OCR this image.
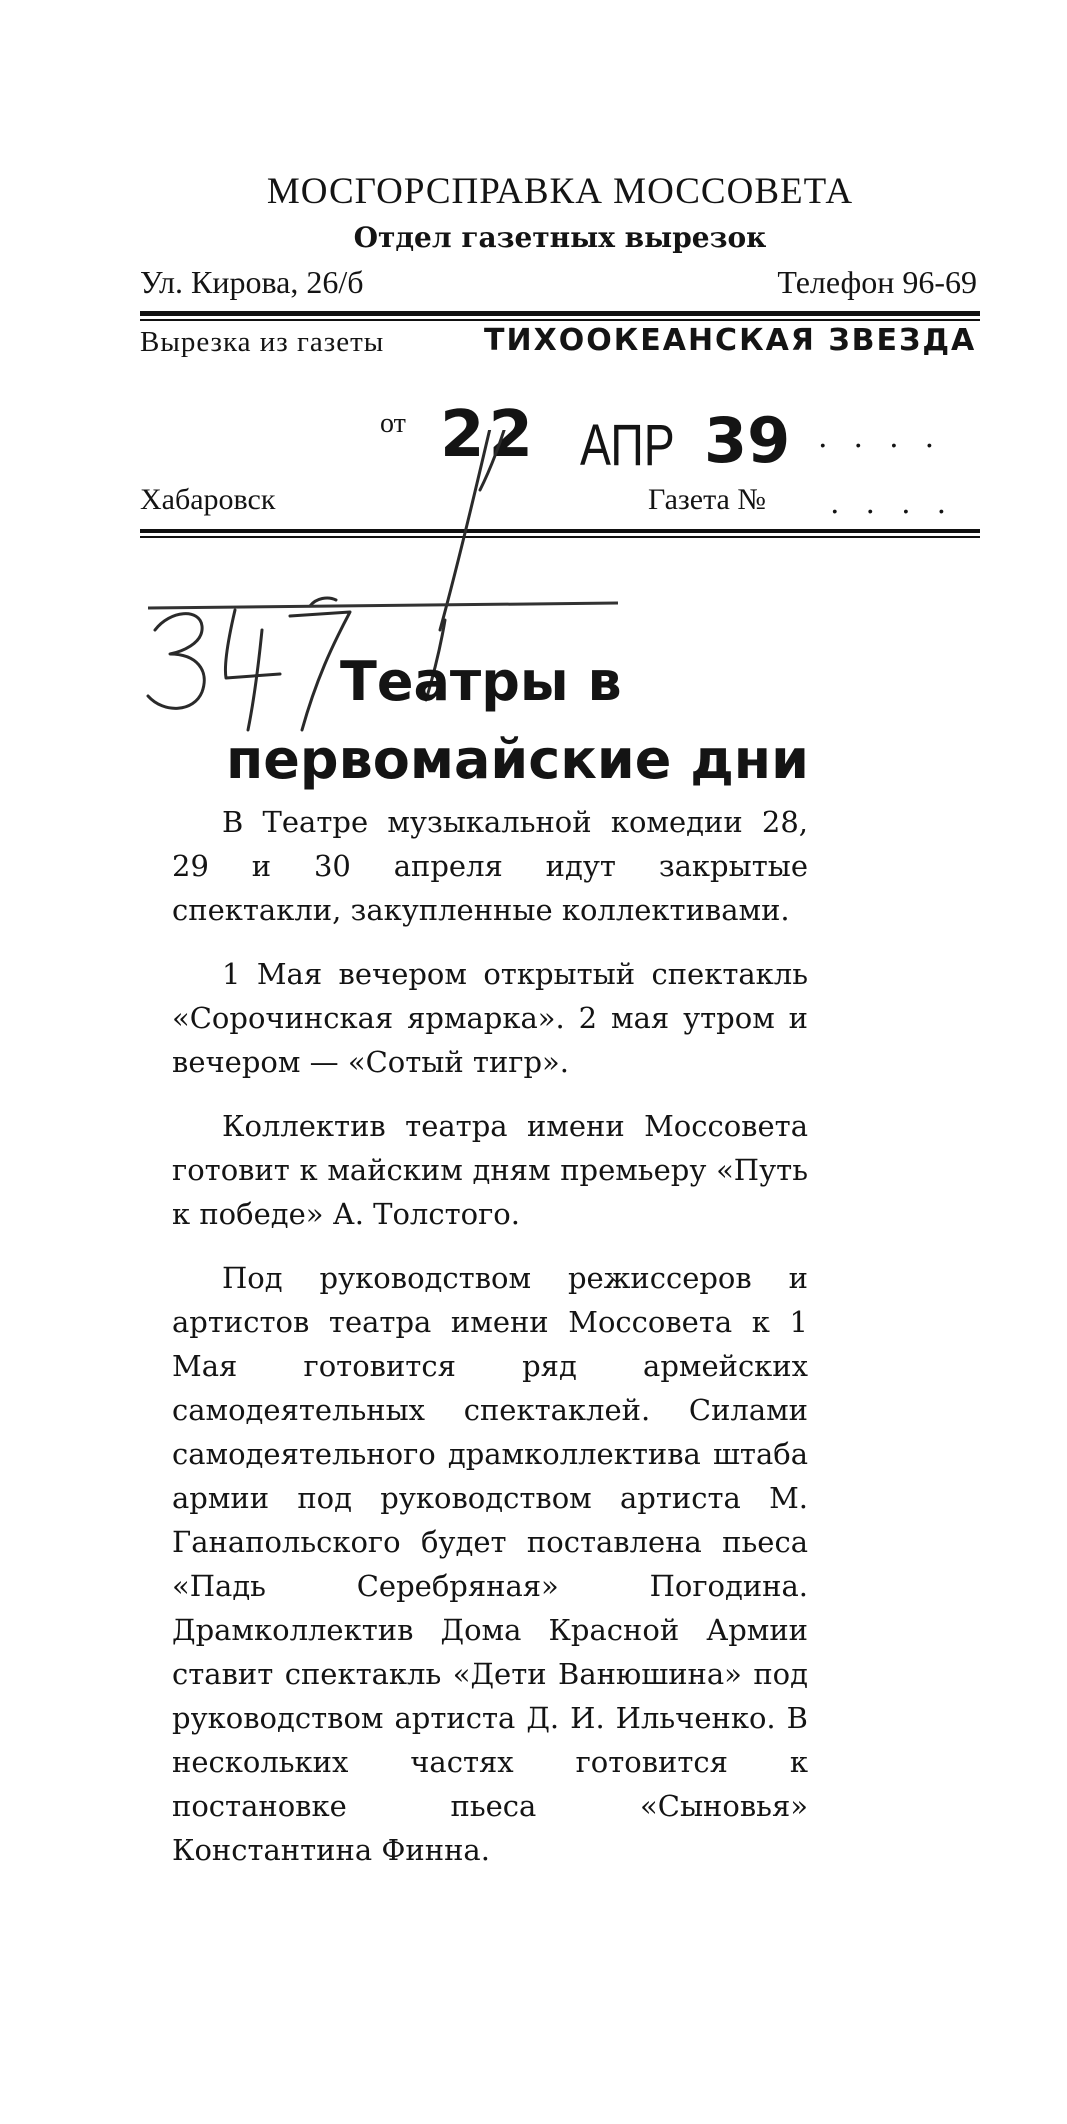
МОСГОРСПРАВКА МОССОВЕТА
Отдел газетных вырезок
Ул. Кирова, 26/б	Телефон 96-69
Вырезка из газеты	ТИХООКЕАНСКАЯ ЗВЕЗДА
от 22 АПР 39 ....
Хабаровск	Газета № ....
Театры в
первомайские дни

В Театре музыкальной комедии 28, 29 и 30 апреля идут закрытые спектакли, закупленные коллективами.

1 Мая вечером открытый спектакль «Сорочинская ярмарка». 2 мая утром и вечером — «Сотый тигр».

Коллектив театра имени Моссовета готовит к майским дням премьеру «Путь к победе» А. Толстого.

Под руководством режиссеров и артистов театра имени Моссовета к 1 Мая готовится ряд армейских самодеятельных спектаклей. Силами самодеятельного драмколлектива штаба армии под руководством артиста М. Ганапольского будет поставлена пьеса «Падь Серебряная» Погодина. Драмколлектив Дома Красной Армии ставит спектакль «Дети Ванюшина» под руководством артиста Д. И. Ильченко. В нескольких частях готовится к постановке пьеса «Сыновья» Константина Финна.
